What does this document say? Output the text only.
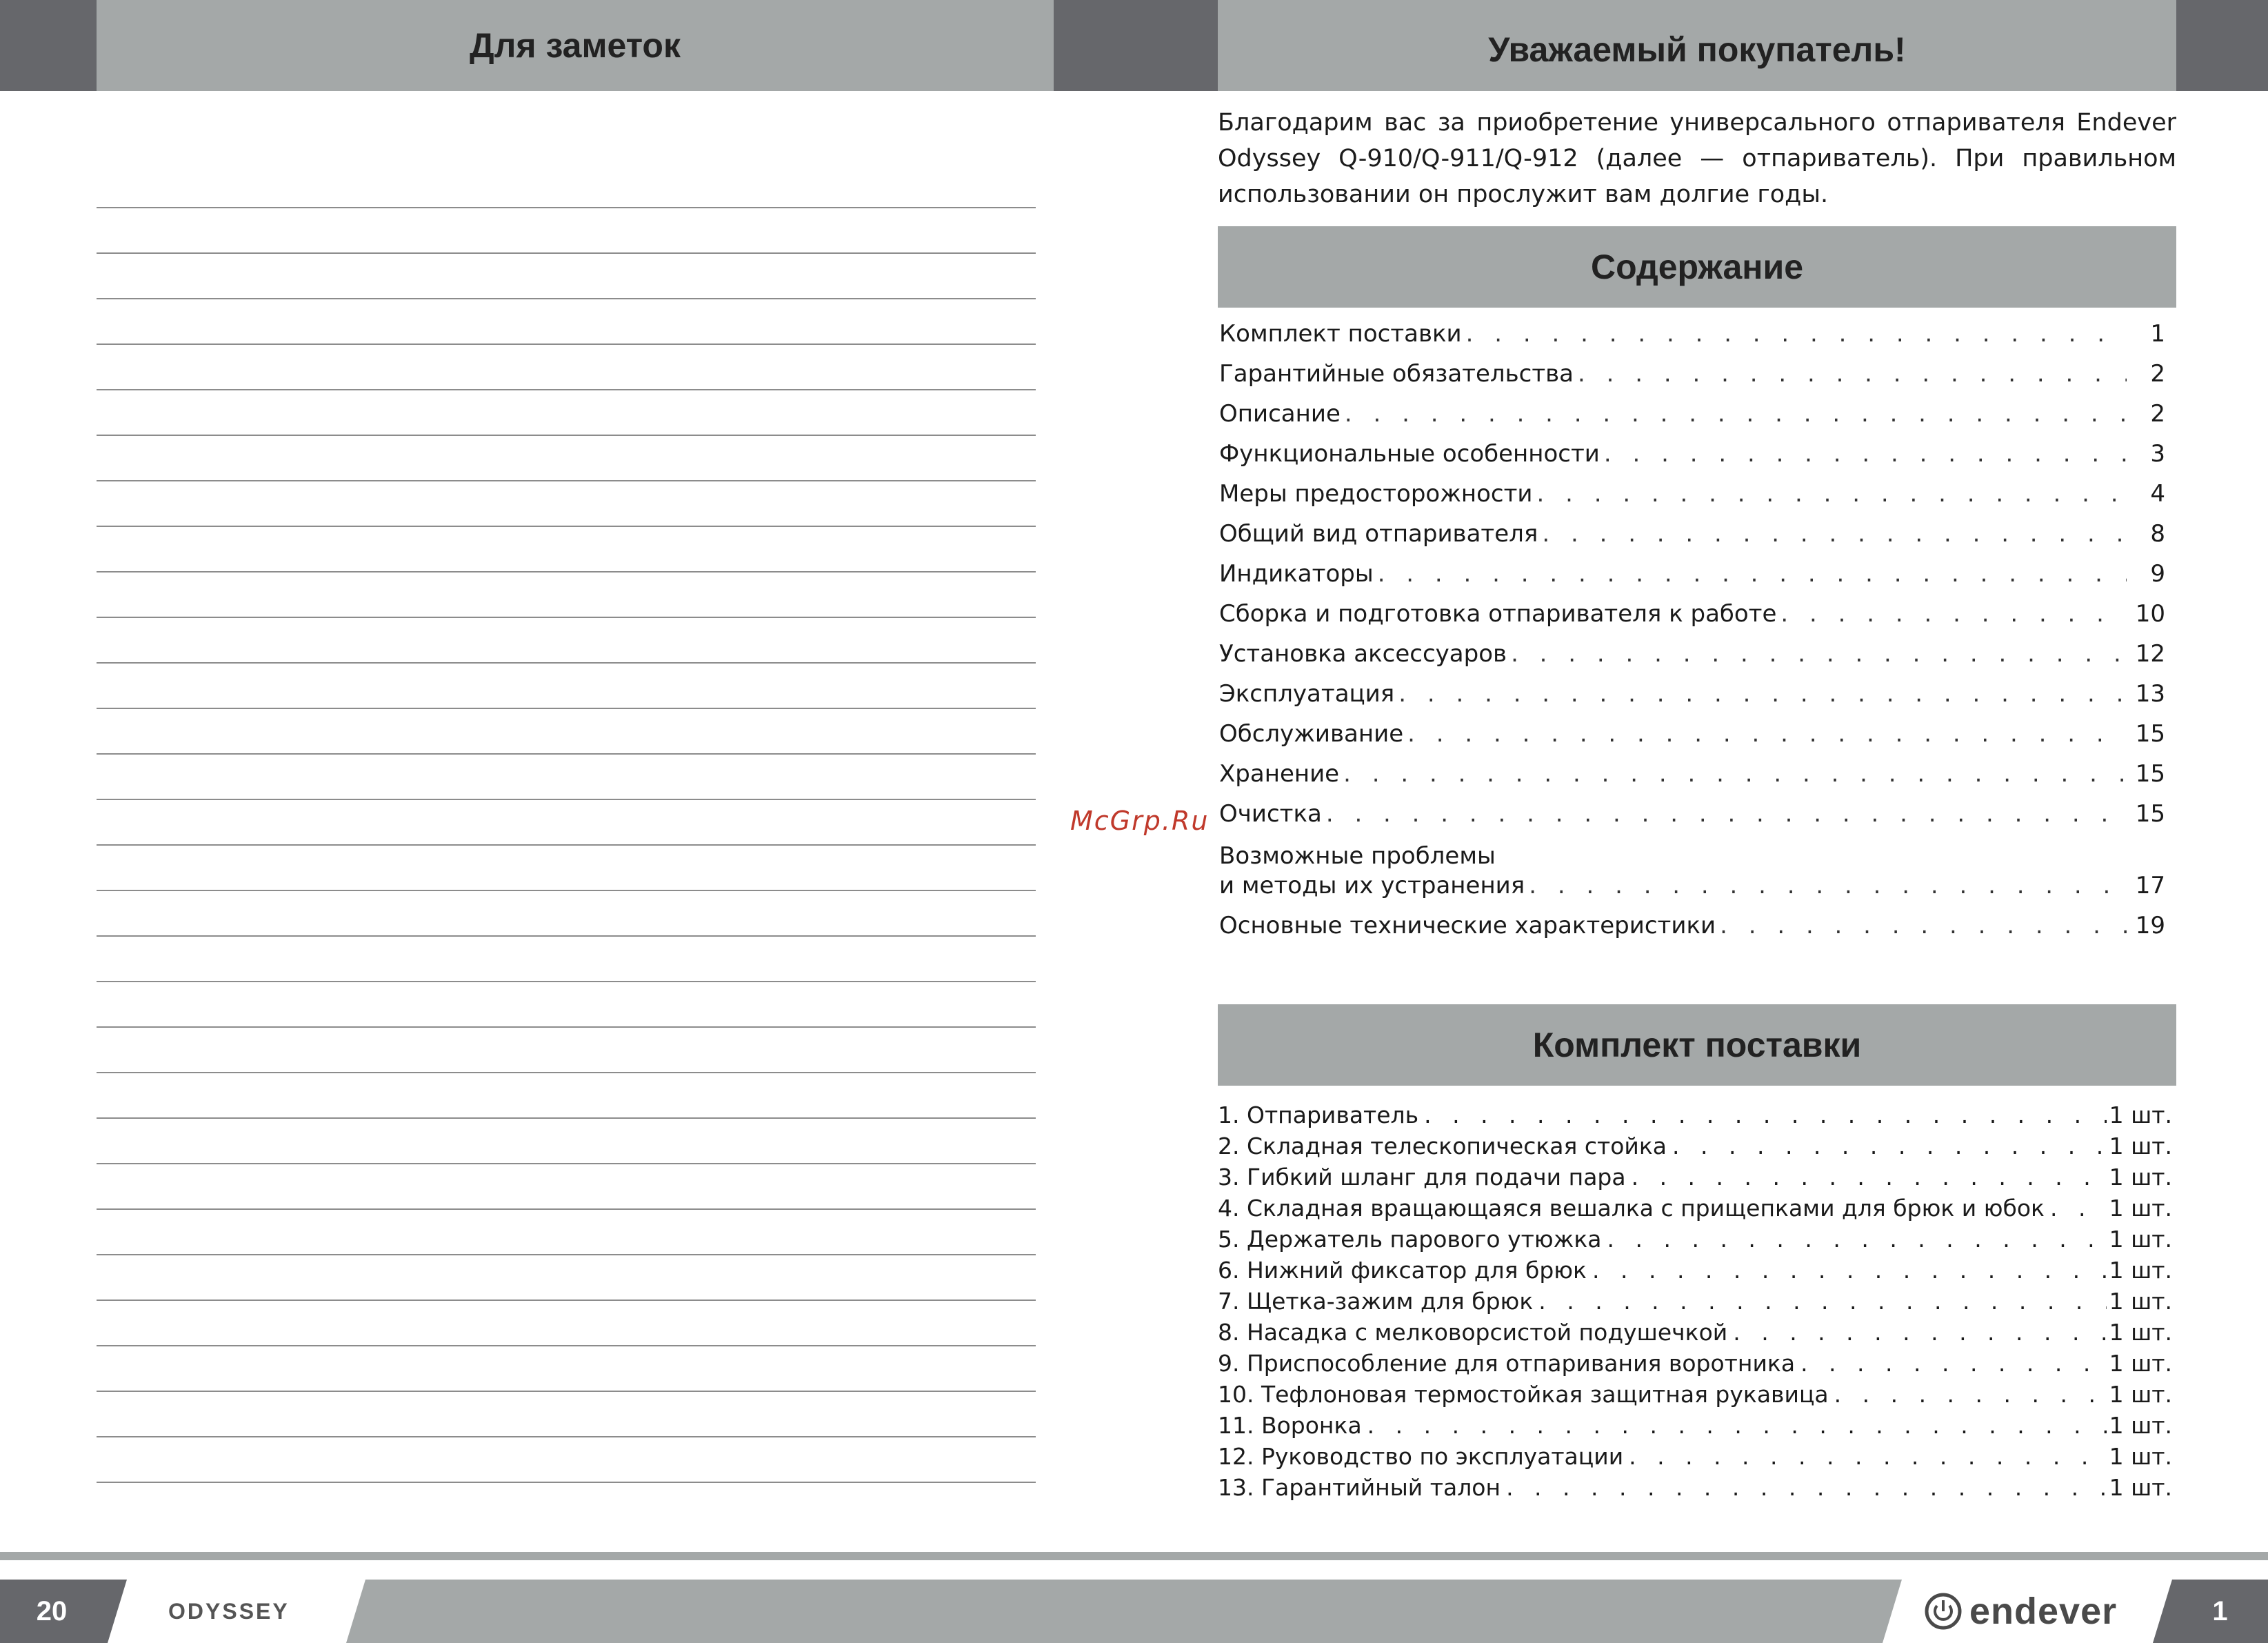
Для заметок	Уважаемый покупатель!

Благодарим вас за приобретение универсального отпаривателя Endever Odyssey Q-910/Q-911/Q-912 (далее — отпариватель). При правильном использовании он прослужит вам долгие годы.

Содержание
Комплект поставки . . .	1
Гарантийные обязательства . . .	2
Описание . . .	2
Функциональные особенности . . .	3
Меры предосторожности . . .	4
Общий вид отпаривателя . . .	8
Индикаторы . . .	9
Сборка и подготовка отпаривателя к работе . . .	10
Установка аксессуаров . . .	12
Эксплуатация . . .	13
Обслуживание . . .	15
Хранение . . .	15
Очистка . . .	15
Возможные проблемы
и методы их устранения . . .	17
Основные технические характеристики . . .	19
Комплект поставки
1. Отпариватель . . .	1 шт.
2. Складная телескопическая стойка . . .	1 шт.
3. Гибкий шланг для подачи пара . . .	1 шт.
4. Складная вращающаяся вешалка с прищепками для брюк и юбок . . .	1 шт.
5. Держатель парового утюжка . . .	1 шт.
6. Нижний фиксатор для брюк . . .	1 шт.
7. Щетка-зажим для брюк . . .	1 шт.
8. Насадка с мелковорсистой подушечкой . . .	1 шт.
9. Приспособление для отпаривания воротника . . .	1 шт.
10. Тефлоновая термостойкая защитная рукавица . . .	1 шт.
11. Воронка . . .	1 шт.
12. Руководство по эксплуатации . . .	1 шт.
13. Гарантийный талон . . .	1 шт.
McGrp.Ru
20	ODYSSEY	1
endever
